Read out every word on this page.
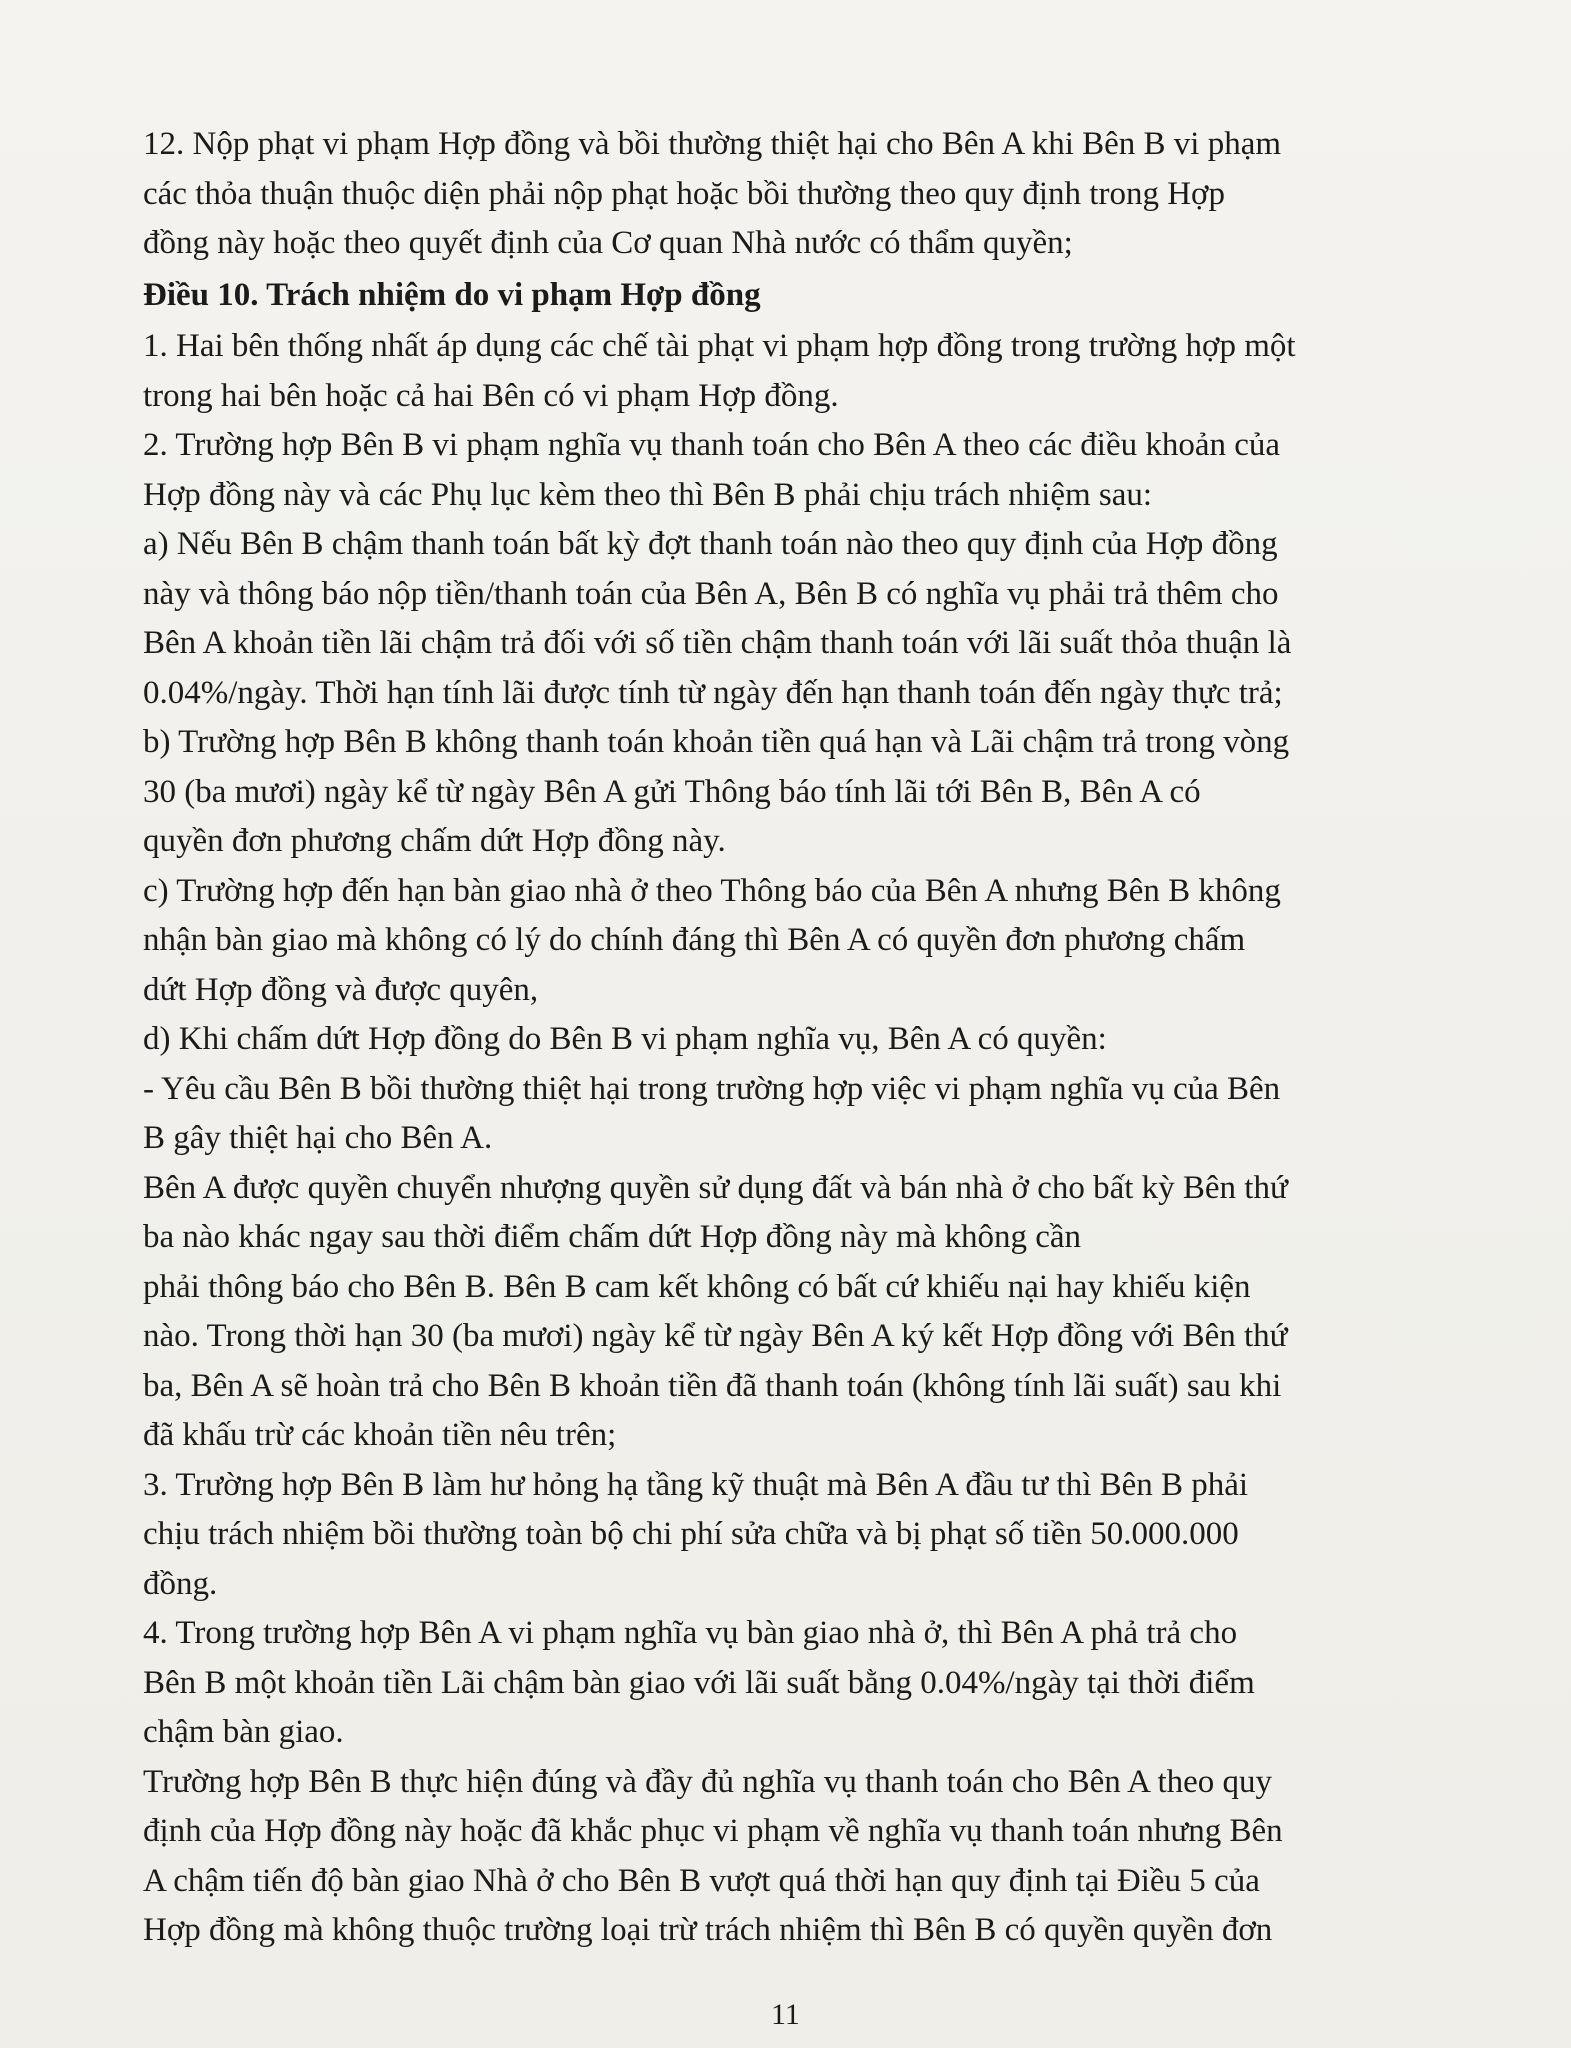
12. Nộp phạt vi phạm Hợp đồng và bồi thường thiệt hại cho Bên A khi Bên B vi phạm

các thỏa thuận thuộc diện phải nộp phạt hoặc bồi thường theo quy định trong Hợp

đồng này hoặc theo quyết định của Cơ quan Nhà nước có thẩm quyền;

Điều 10. Trách nhiệm do vi phạm Hợp đồng

1. Hai bên thống nhất áp dụng các chế tài phạt vi phạm hợp đồng trong trường hợp một

trong hai bên hoặc cả hai Bên có vi phạm Hợp đồng.

2. Trường hợp Bên B vi phạm nghĩa vụ thanh toán cho Bên A theo các điều khoản của

Hợp đồng này và các Phụ lục kèm theo thì Bên B phải chịu trách nhiệm sau:

a) Nếu Bên B chậm thanh toán bất kỳ đợt thanh toán nào theo quy định của Hợp đồng

này và thông báo nộp tiền/thanh toán của Bên A, Bên B có nghĩa vụ phải trả thêm cho

Bên A khoản tiền lãi chậm trả đối với số tiền chậm thanh toán với lãi suất thỏa thuận là

0.04%/ngày. Thời hạn tính lãi được tính từ ngày đến hạn thanh toán đến ngày thực trả;

b) Trường hợp Bên B không thanh toán khoản tiền quá hạn và Lãi chậm trả trong vòng

30 (ba mươi) ngày kể từ ngày Bên A gửi Thông báo tính lãi tới Bên B, Bên A có

quyền đơn phương chấm dứt Hợp đồng này.

c) Trường hợp đến hạn bàn giao nhà ở theo Thông báo của Bên A nhưng Bên B không

nhận bàn giao mà không có lý do chính đáng thì Bên A có quyền đơn phương chấm

dứt Hợp đồng và được quyên,

d) Khi chấm dứt Hợp đồng do Bên B vi phạm nghĩa vụ, Bên A có quyền:

- Yêu cầu Bên B bồi thường thiệt hại trong trường hợp việc vi phạm nghĩa vụ của Bên

B gây thiệt hại cho Bên A.

Bên A được quyền chuyển nhượng quyền sử dụng đất và bán nhà ở cho bất kỳ Bên thứ

ba nào khác ngay sau thời điểm chấm dứt Hợp đồng này mà không cần

phải thông báo cho Bên B. Bên B cam kết không có bất cứ khiếu nại hay khiếu kiện

nào. Trong thời hạn 30 (ba mươi) ngày kể từ ngày Bên A ký kết Hợp đồng với Bên thứ

ba, Bên A sẽ hoàn trả cho Bên B khoản tiền đã thanh toán (không tính lãi suất) sau khi

đã khấu trừ các khoản tiền nêu trên;

3. Trường hợp Bên B làm hư hỏng hạ tầng kỹ thuật mà Bên A đầu tư thì Bên B phải

chịu trách nhiệm bồi thường toàn bộ chi phí sửa chữa và bị phạt số tiền 50.000.000

đồng.

4. Trong trường hợp Bên A vi phạm nghĩa vụ bàn giao nhà ở, thì Bên A phả trả cho

Bên B một khoản tiền Lãi chậm bàn giao với lãi suất bằng 0.04%/ngày tại thời điểm

chậm bàn giao.

Trường hợp Bên B thực hiện đúng và đầy đủ nghĩa vụ thanh toán cho Bên A theo quy

định của Hợp đồng này hoặc đã khắc phục vi phạm về nghĩa vụ thanh toán nhưng Bên

A chậm tiến độ bàn giao Nhà ở cho Bên B vượt quá thời hạn quy định tại Điều 5 của

Hợp đồng mà không thuộc trường loại trừ trách nhiệm thì Bên B có quyền quyền đơn

11
